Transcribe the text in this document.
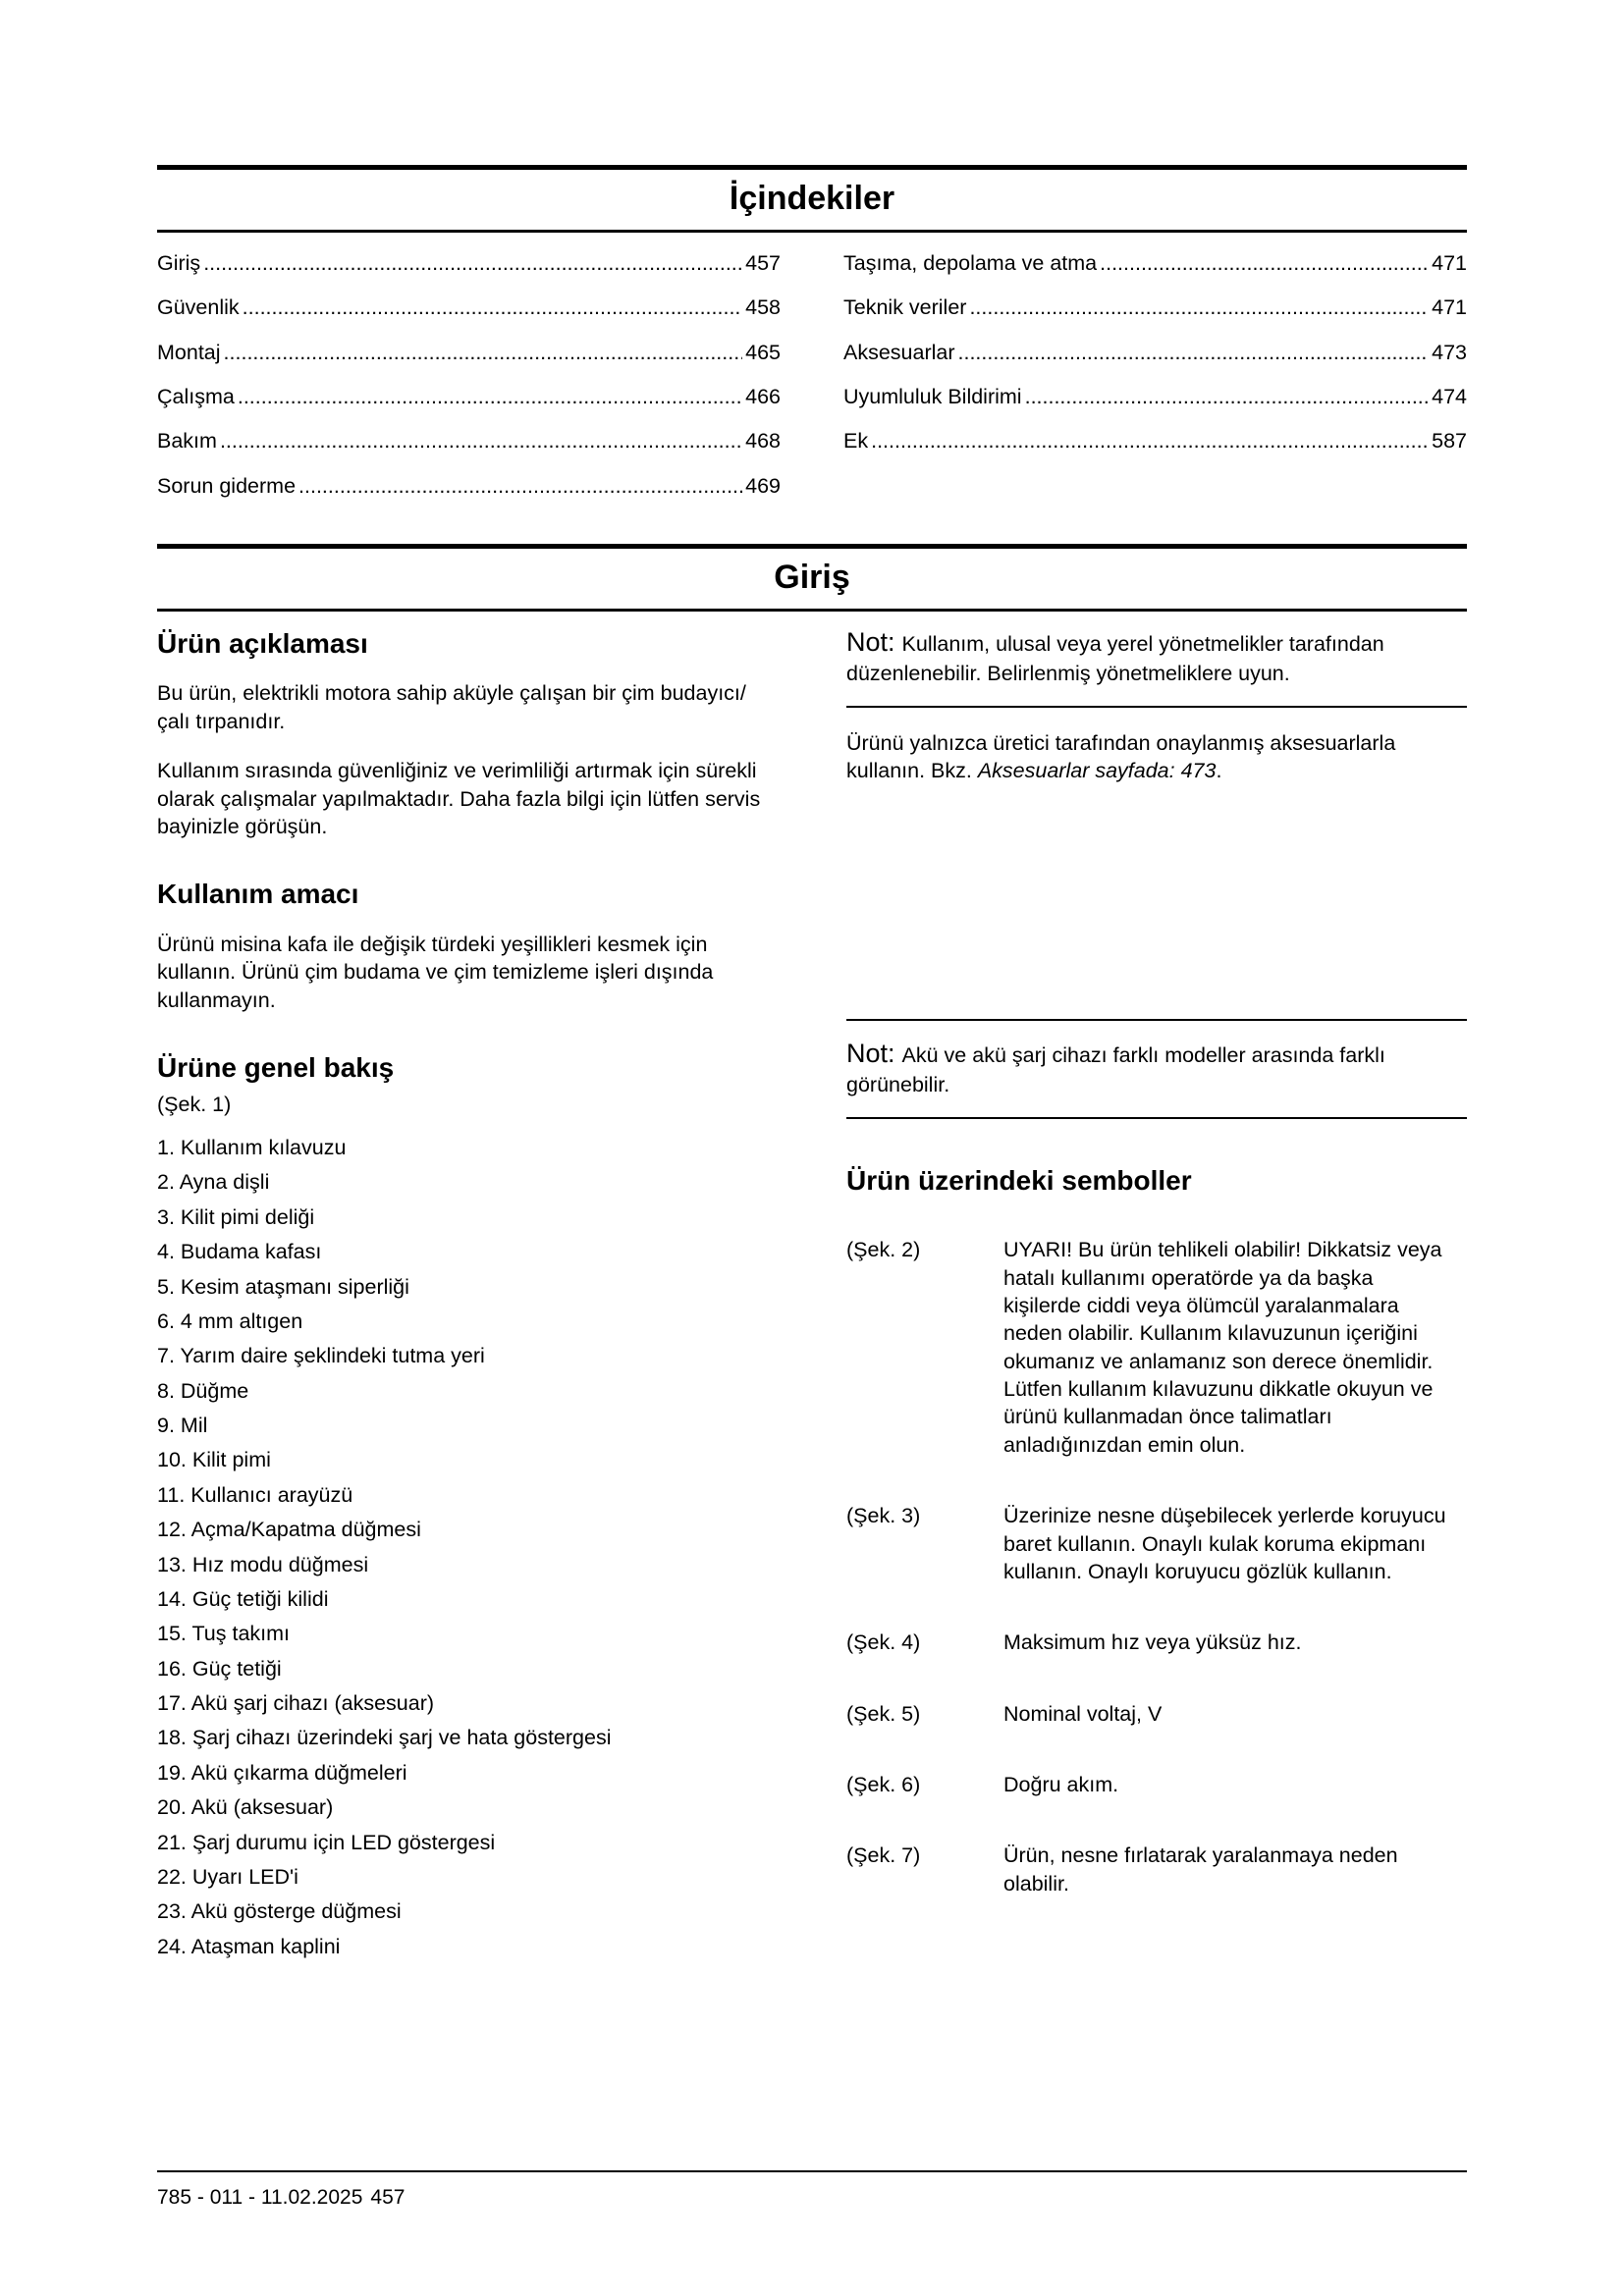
İçindekiler
Giriş .....	457
Güvenlik .....	458
Montaj .....	465
Çalışma .....	466
Bakım .....	468
Sorun giderme .....	469
Taşıma, depolama ve atma .....	471
Teknik veriler .....	471
Aksesuarlar .....	473
Uyumluluk Bildirimi .....	474
Ek .....	587
Giriş
Ürün açıklaması

Bu ürün, elektrikli motora sahip aküyle çalışan bir çim budayıcı/çalı tırpanıdır.

Kullanım sırasında güvenliğiniz ve verimliliği artırmak için sürekli olarak çalışmalar yapılmaktadır. Daha fazla bilgi için lütfen servis bayinizle görüşün.

Kullanım amacı

Ürünü misina kafa ile değişik türdeki yeşillikleri kesmek için kullanın. Ürünü çim budama ve çim temizleme işleri dışında kullanmayın.

Ürüne genel bakış
(Şek. 1)
1. Kullanım kılavuzu
2. Ayna dişli
3. Kilit pimi deliği
4. Budama kafası
5. Kesim ataşmanı siperliği
6. 4 mm altıgen
7. Yarım daire şeklindeki tutma yeri
8. Düğme
9. Mil
10. Kilit pimi
11. Kullanıcı arayüzü
12. Açma/Kapatma düğmesi
13. Hız modu düğmesi
14. Güç tetiği kilidi
15. Tuş takımı
16. Güç tetiği
17. Akü şarj cihazı (aksesuar)
18. Şarj cihazı üzerindeki şarj ve hata göstergesi
19. Akü çıkarma düğmeleri
20. Akü (aksesuar)
21. Şarj durumu için LED göstergesi
22. Uyarı LED'i
23. Akü gösterge düğmesi
24. Ataşman kaplini
Not: Kullanım, ulusal veya yerel yönetmelikler tarafından düzenlenebilir. Belirlenmiş yönetmeliklere uyun.

Ürünü yalnızca üretici tarafından onaylanmış aksesuarlarla kullanın. Bkz. Aksesuarlar sayfada: 473.

Not: Akü ve akü şarj cihazı farklı modeller arasında farklı görünebilir.
Ürün üzerindeki semboller
(Şek. 2)	UYARI! Bu ürün tehlikeli olabilir! Dikkatsiz veya hatalı kullanımı operatörde ya da başka kişilerde ciddi veya ölümcül yaralanmalara neden olabilir. Kullanım kılavuzunun içeriğini okumanız ve anlamanız son derece önemlidir. Lütfen kullanım kılavuzunu dikkatle okuyun ve ürünü kullanmadan önce talimatları anladığınızdan emin olun.
(Şek. 3)	Üzerinize nesne düşebilecek yerlerde koruyucu baret kullanın. Onaylı kulak koruma ekipmanı kullanın. Onaylı koruyucu gözlük kullanın.
(Şek. 4)	Maksimum hız veya yüksüz hız.
(Şek. 5)	Nominal voltaj, V
(Şek. 6)	Doğru akım.
(Şek. 7)	Ürün, nesne fırlatarak yaralanmaya neden olabilir.
785 - 011 - 11.02.2025 457
